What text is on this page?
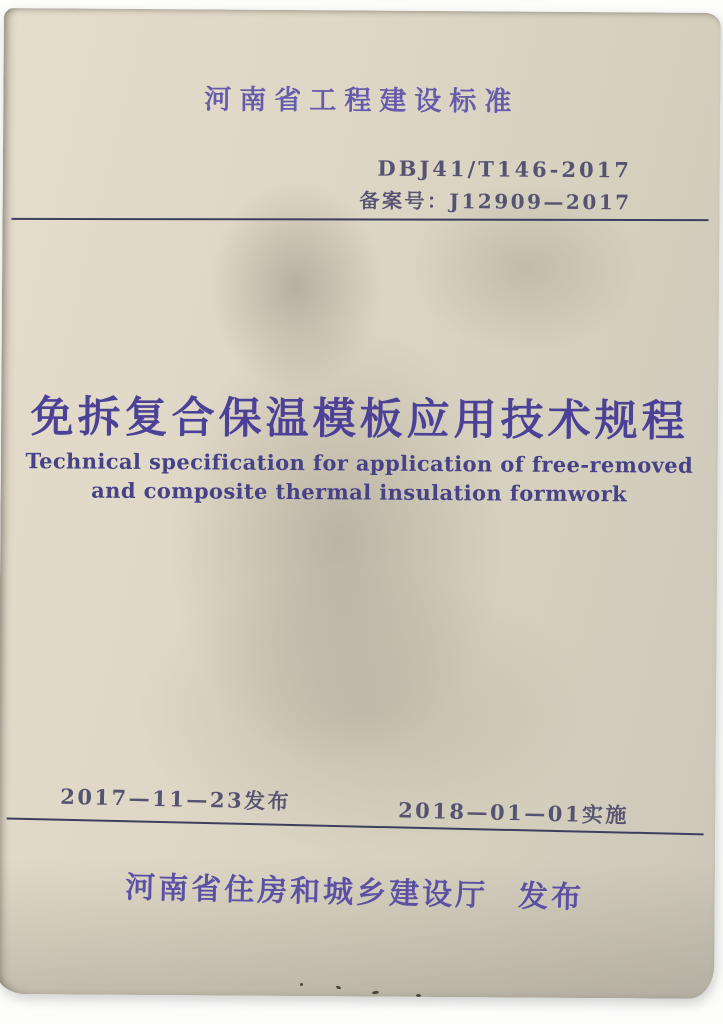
河南省工程建设标准
DBJ41/T146-2017
备案号：J12909—2017
免拆复合保温模板应用技术规程
Technical specification for application of free-removed
and composite thermal insulation formwork
2017—11—23发布	2018—01—01实施
河南省住房和城乡建设厅 发布
